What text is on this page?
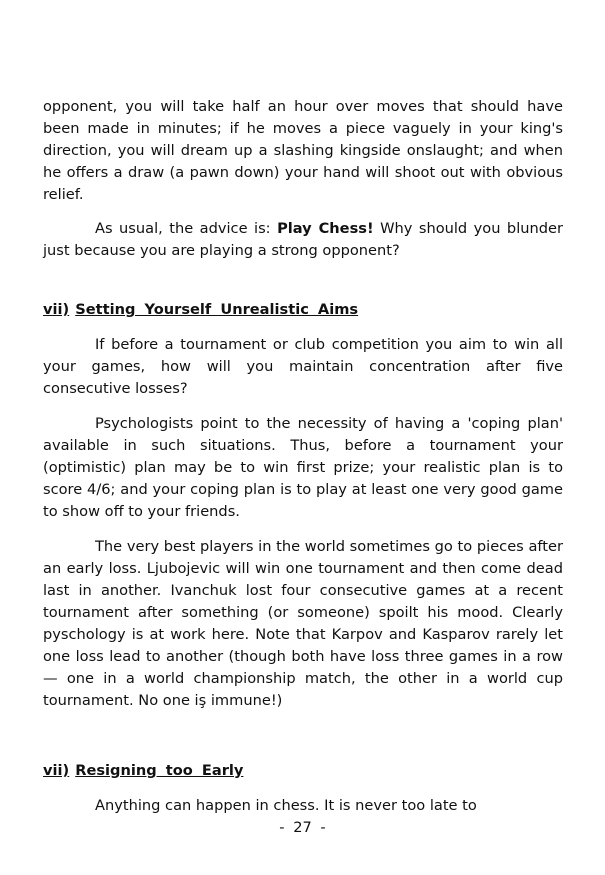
opponent, you will take half an hour over moves that should have been made in minutes; if he moves a piece vaguely in your king's direction, you will dream up a slashing kingside onslaught; and when he offers a draw (a pawn down) your hand will shoot out with obvious relief.

As usual, the advice is: Play Chess! Why should you blunder just because you are playing a strong opponent?

vii) Setting Yourself Unrealistic Aims

If before a tournament or club competition you aim to win all your games, how will you maintain concentration after five consecutive losses?

Psychologists point to the necessity of having a 'coping plan' available in such situations. Thus, before a tournament your (optimistic) plan may be to win first prize; your realistic plan is to score 4/6; and your coping plan is to play at least one very good game to show off to your friends.

The very best players in the world sometimes go to pieces after an early loss. Ljubojevic will win one tournament and then come dead last in another. Ivanchuk lost four consecutive games at a recent tournament after something (or someone) spoilt his mood. Clearly pyschology is at work here. Note that Karpov and Kasparov rarely let one loss lead to another (though both have loss three games in a row — one in a world championship match, the other in a world cup tournament. No one iş immune!)

vii) Resigning too Early

Anything can happen in chess. It is never too late to

- 27 -
